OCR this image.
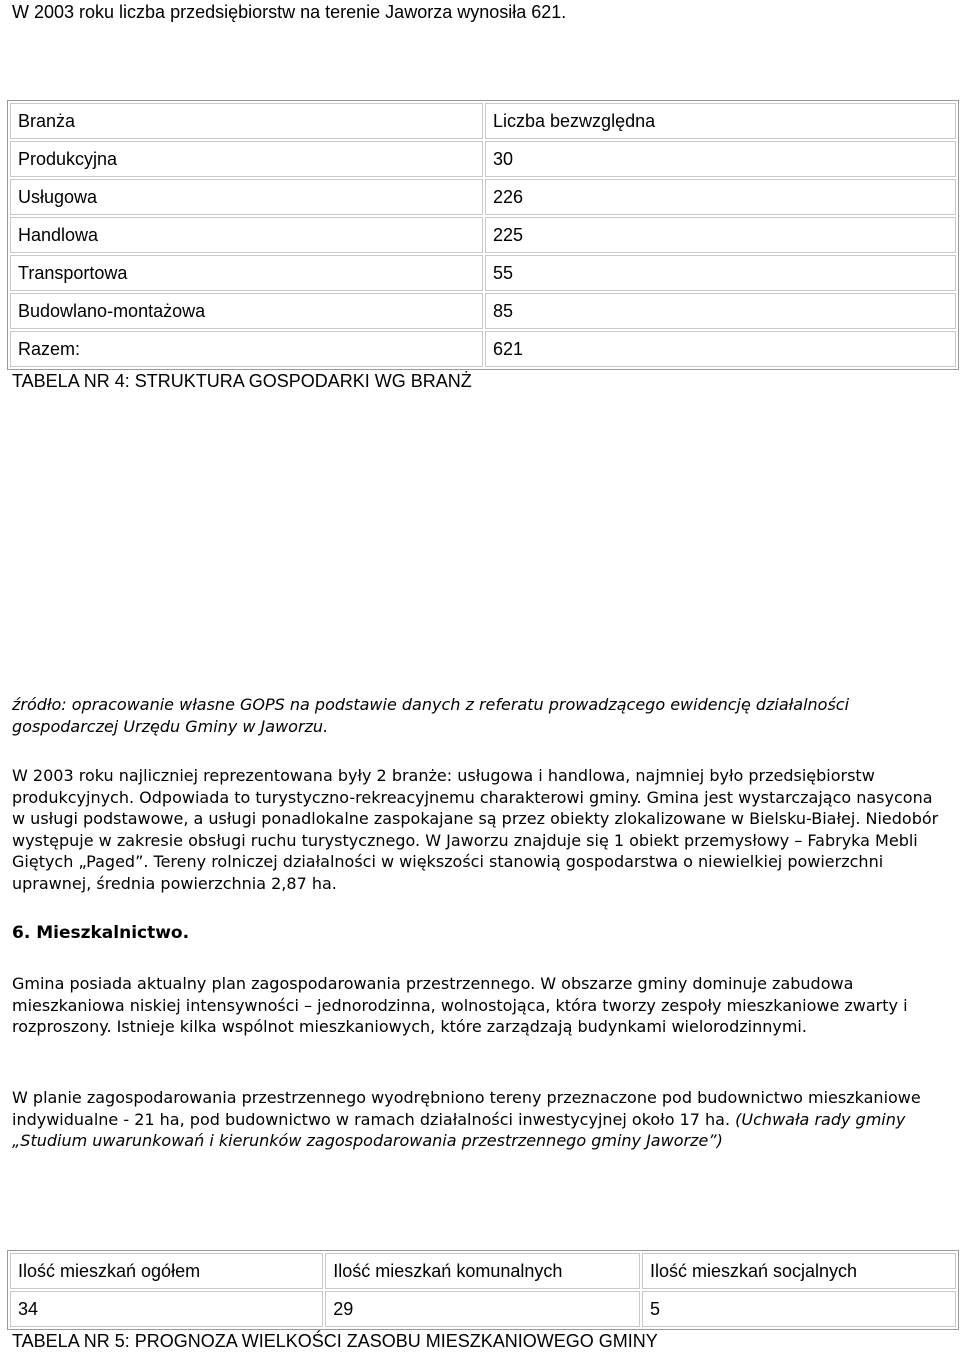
W 2003 roku liczba przedsiębiorstw na terenie Jaworza wynosiła 621.
Branża	Liczba bezwzględna
Produkcyjna	30
Usługowa	226
Handlowa	225
Transportowa	55
Budowlano-montażowa	85
Razem:	621
TABELA NR 4: STRUKTURA GOSPODARKI WG BRANŻ
źródło: opracowanie własne GOPS na podstawie danych z referatu prowadzącego ewidencję działalności gospodarczej Urzędu Gminy w Jaworzu.
W 2003 roku najliczniej reprezentowana były 2 branże: usługowa i handlowa, najmniej było przedsiębiorstw produkcyjnych. Odpowiada to turystyczno-rekreacyjnemu charakterowi gminy. Gmina jest wystarczająco nasycona w usługi podstawowe, a usługi ponadlokalne zaspokajane są przez obiekty zlokalizowane w Bielsku-Białej. Niedobór występuje w zakresie obsługi ruchu turystycznego. W Jaworzu znajduje się 1 obiekt przemysłowy – Fabryka Mebli Giętych „Paged”. Tereny rolniczej działalności w większości stanowią gospodarstwa o niewielkiej powierzchni uprawnej, średnia powierzchnia 2,87 ha.
6. Mieszkalnictwo.
Gmina posiada aktualny plan zagospodarowania przestrzennego. W obszarze gminy dominuje zabudowa mieszkaniowa niskiej intensywności – jednorodzinna, wolnostojąca, która tworzy zespoły mieszkaniowe zwarty i rozproszony. Istnieje kilka wspólnot mieszkaniowych, które zarządzają budynkami wielorodzinnymi.
W planie zagospodarowania przestrzennego wyodrębniono tereny przeznaczone pod budownictwo mieszkaniowe indywidualne - 21 ha, pod budownictwo w ramach działalności inwestycyjnej około 17 ha. (Uchwała rady gminy „Studium uwarunkowań i kierunków zagospodarowania przestrzennego gminy Jaworze”)
Ilość mieszkań ogółem	Ilość mieszkań komunalnych	Ilość mieszkań socjalnych
34	29	5
TABELA NR 5: PROGNOZA WIELKOŚCI ZASOBU MIESZKANIOWEGO GMINY
